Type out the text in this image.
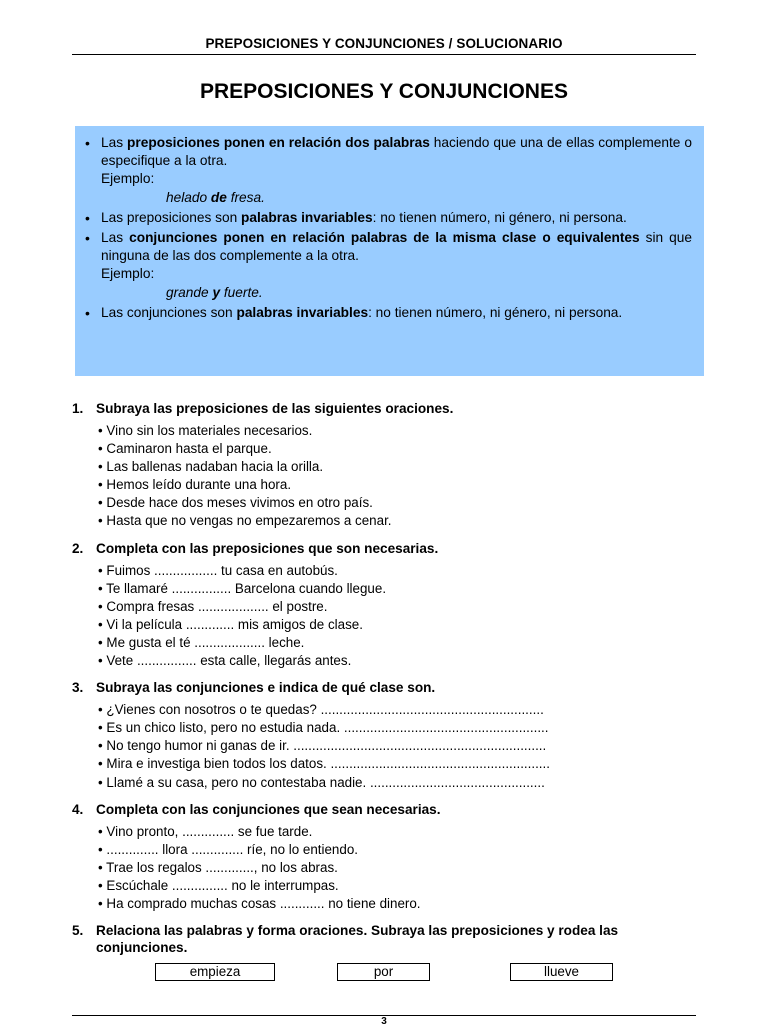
PREPOSICIONES Y CONJUNCIONES / SOLUCIONARIO
PREPOSICIONES Y CONJUNCIONES
• Las preposiciones ponen en relación dos palabras haciendo que una de ellas complemente o especifique a la otra.
Ejemplo:
helado de fresa.
• Las preposiciones son palabras invariables: no tienen número, ni género, ni persona.
• Las conjunciones ponen en relación palabras de la misma clase o equivalentes sin que ninguna de las dos complemente a la otra.
Ejemplo:
grande y fuerte.
• Las conjunciones son palabras invariables: no tienen número, ni género, ni persona.
1. Subraya las preposiciones de las siguientes oraciones.
• Vino sin los materiales necesarios.
• Caminaron hasta el parque.
• Las ballenas nadaban hacia la orilla.
• Hemos leído durante una hora.
• Desde hace dos meses vivimos en otro país.
• Hasta que no vengas no empezaremos a cenar.
2. Completa con las preposiciones que son necesarias.
• Fuimos ................. tu casa en autobús.
• Te llamaré ................ Barcelona cuando llegue.
• Compra fresas ................... el postre.
• Vi la película ............. mis amigos de clase.
• Me gusta el té ................... leche.
• Vete ................ esta calle, llegarás antes.
3. Subraya las conjunciones e indica de qué clase son.
• ¿Vienes con nosotros o te quedas? ............................................................
• Es un chico listo, pero no estudia nada. .......................................................
• No tengo humor ni ganas de ir. ....................................................................
• Mira e investiga bien todos los datos. ...........................................................
• Llamé a su casa, pero no contestaba nadie. ...............................................
4. Completa con las conjunciones que sean necesarias.
• Vino pronto, .............. se fue tarde.
• .............. llora .............. ríe, no lo entiendo.
• Trae los regalos ............., no los abras.
• Escúchale ............... no le interrumpas.
• Ha comprado muchas cosas ............ no tiene dinero.
5. Relaciona las palabras y forma oraciones. Subraya las preposiciones y rodea las conjunciones.
empieza	por	llueve
3
